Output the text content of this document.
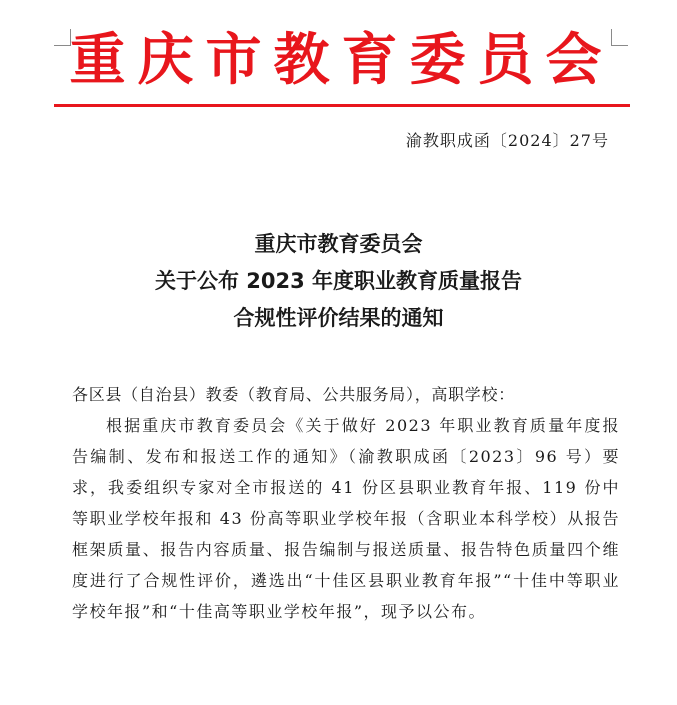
重庆市教育委员会
渝教职成函〔2024〕27号
重庆市教育委员会
关于公布 2023 年度职业教育质量报告
合规性评价结果的通知

各区县（自治县）教委（教育局、公共服务局），高职学校：

根据重庆市教育委员会《关于做好 2023 年职业教育质量年度报告编制、发布和报送工作的通知》（渝教职成函〔2023〕96 号）要求，我委组织专家对全市报送的 41 份区县职业教育年报、119 份中等职业学校年报和 43 份高等职业学校年报（含职业本科学校）从报告框架质量、报告内容质量、报告编制与报送质量、报告特色质量四个维度进行了合规性评价，遴选出“十佳区县职业教育年报”“十佳中等职业学校年报”和“十佳高等职业学校年报”，现予以公布。
